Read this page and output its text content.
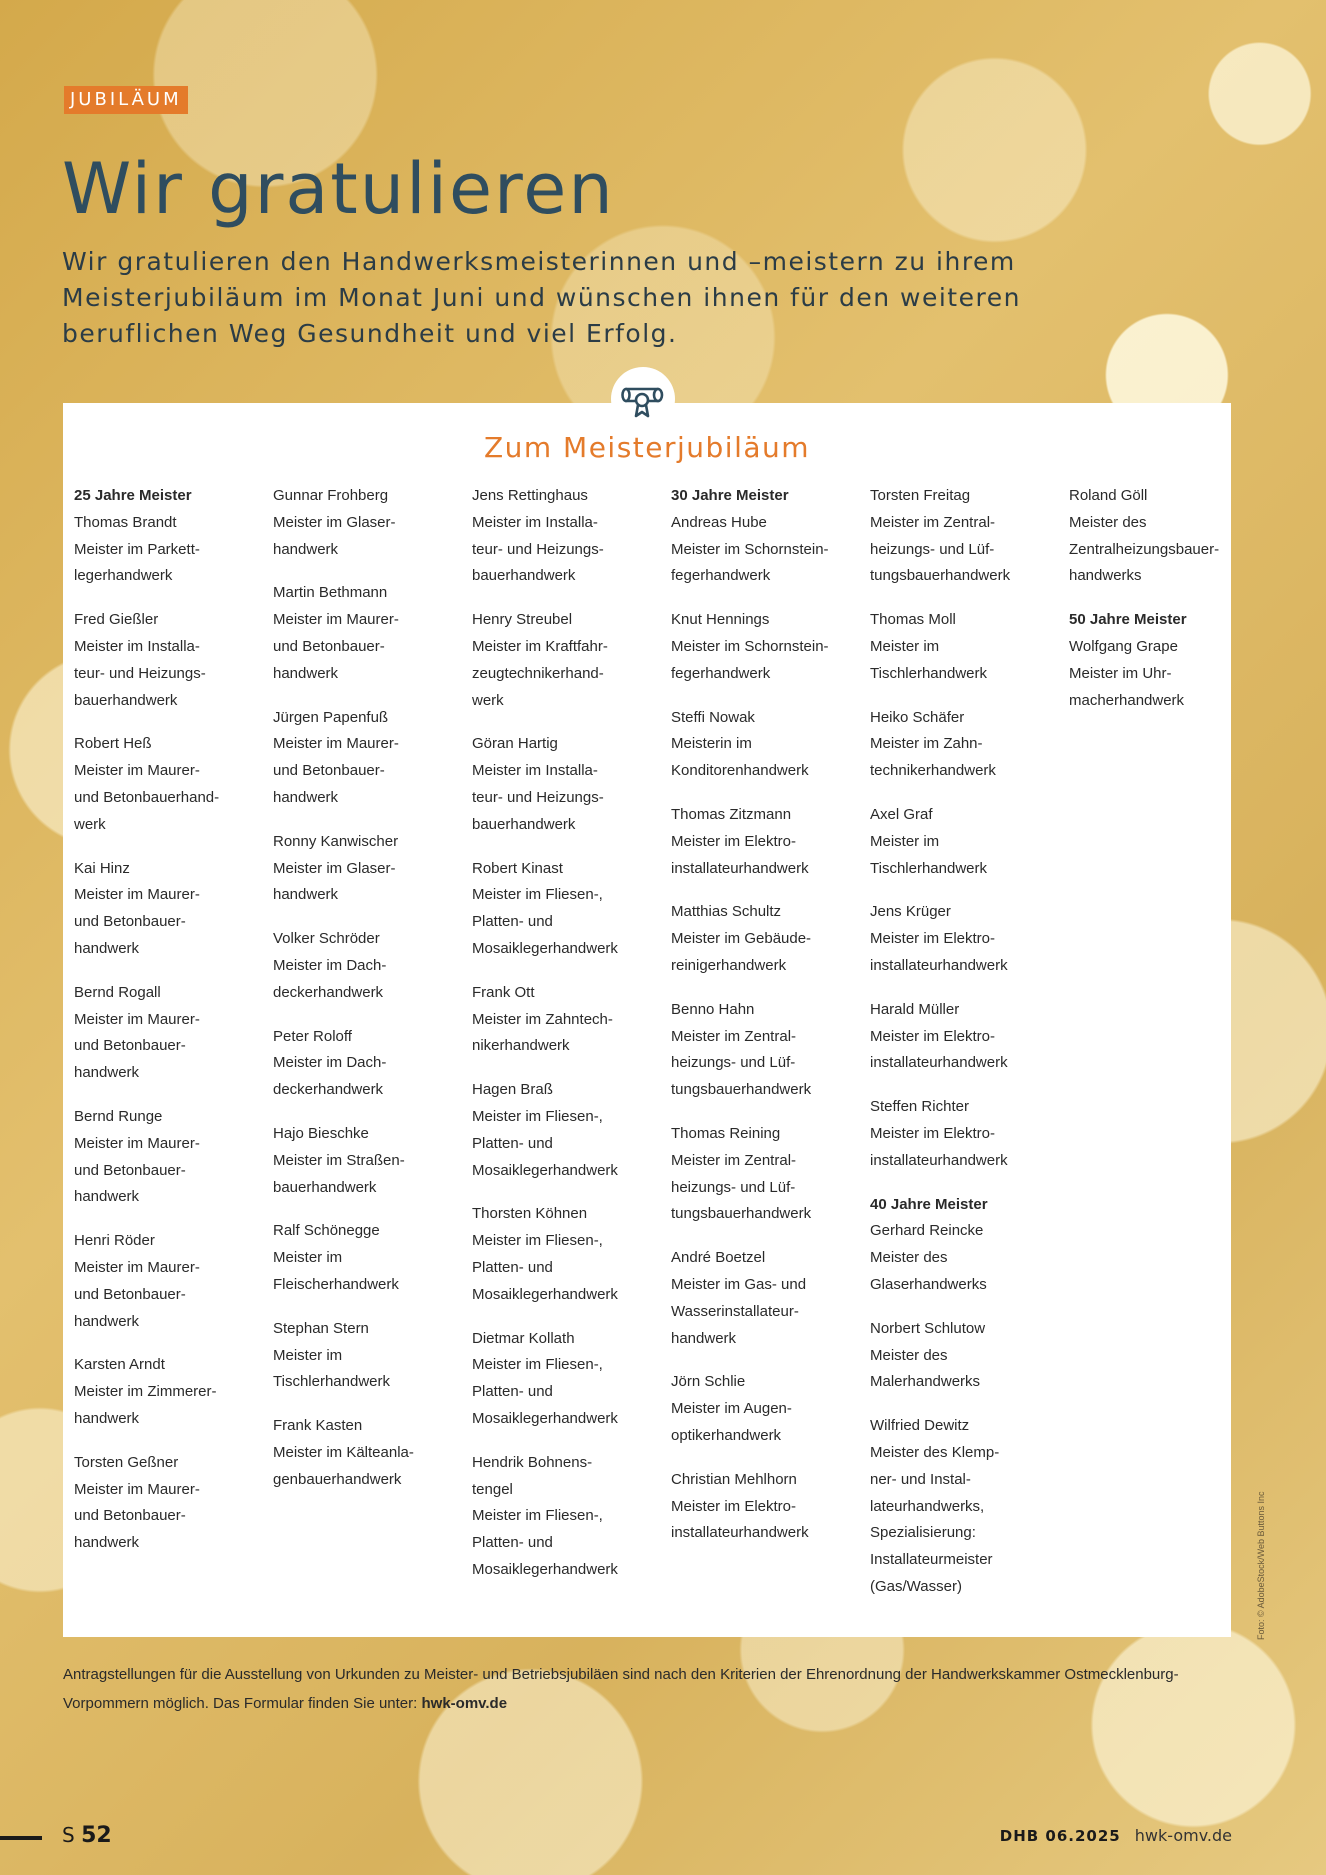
JUBILÄUM
Wir gratulieren

Wir gratulieren den Handwerksmeisterinnen und –meistern zu ihrem Meisterjubiläum im Monat Juni und wünschen ihnen für den weiteren beruflichen Weg Gesundheit und viel Erfolg.

Zum Meisterjubiläum
25 Jahre Meister
Thomas Brandt
Meister im Parkett-
legerhandwerk
Fred Gießler
Meister im Installa-
teur- und Heizungs-
bauerhandwerk
Robert Heß
Meister im Maurer-
und Betonbauerhand-
werk
Kai Hinz
Meister im Maurer-
und Betonbauer-
handwerk
Bernd Rogall
Meister im Maurer-
und Betonbauer-
handwerk
Bernd Runge
Meister im Maurer-
und Betonbauer-
handwerk
Henri Röder
Meister im Maurer-
und Betonbauer-
handwerk
Karsten Arndt
Meister im Zimmerer-
handwerk
Torsten Geßner
Meister im Maurer-
und Betonbauer-
handwerk
Gunnar Frohberg
Meister im Glaser-
handwerk
Martin Bethmann
Meister im Maurer-
und Betonbauer-
handwerk
Jürgen Papenfuß
Meister im Maurer-
und Betonbauer-
handwerk
Ronny Kanwischer
Meister im Glaser-
handwerk
Volker Schröder
Meister im Dach-
deckerhandwerk
Peter Roloff
Meister im Dach-
deckerhandwerk
Hajo Bieschke
Meister im Straßen-
bauerhandwerk
Ralf Schönegge
Meister im
Fleischerhandwerk
Stephan Stern
Meister im
Tischlerhandwerk
Frank Kasten
Meister im Kälteanla-
genbauerhandwerk
Jens Rettinghaus
Meister im Installa-
teur- und Heizungs-
bauerhandwerk
Henry Streubel
Meister im Kraftfahr-
zeugtechnikerhand-
werk
Göran Hartig
Meister im Installa-
teur- und Heizungs-
bauerhandwerk
Robert Kinast
Meister im Fliesen-,
Platten- und
Mosaiklegerhandwerk
Frank Ott
Meister im Zahntech-
nikerhandwerk
Hagen Braß
Meister im Fliesen-,
Platten- und
Mosaiklegerhandwerk
Thorsten Köhnen
Meister im Fliesen-,
Platten- und
Mosaiklegerhandwerk
Dietmar Kollath
Meister im Fliesen-,
Platten- und
Mosaiklegerhandwerk
Hendrik Bohnens-
tengel
Meister im Fliesen-,
Platten- und
Mosaiklegerhandwerk
30 Jahre Meister
Andreas Hube
Meister im Schornstein-
fegerhandwerk
Knut Hennings
Meister im Schornstein-
fegerhandwerk
Steffi Nowak
Meisterin im
Konditorenhandwerk
Thomas Zitzmann
Meister im Elektro-
installateurhandwerk
Matthias Schultz
Meister im Gebäude-
reinigerhandwerk
Benno Hahn
Meister im Zentral-
heizungs- und Lüf-
tungsbauerhandwerk
Thomas Reining
Meister im Zentral-
heizungs- und Lüf-
tungsbauerhandwerk
André Boetzel
Meister im Gas- und
Wasserinstallateur-
handwerk
Jörn Schlie
Meister im Augen-
optikerhandwerk
Christian Mehlhorn
Meister im Elektro-
installateurhandwerk
Torsten Freitag
Meister im Zentral-
heizungs- und Lüf-
tungsbauerhandwerk
Thomas Moll
Meister im
Tischlerhandwerk
Heiko Schäfer
Meister im Zahn-
technikerhandwerk
Axel Graf
Meister im
Tischlerhandwerk
Jens Krüger
Meister im Elektro-
installateurhandwerk
Harald Müller
Meister im Elektro-
installateurhandwerk
Steffen Richter
Meister im Elektro-
installateurhandwerk
40 Jahre Meister
Gerhard Reincke
Meister des
Glaserhandwerks
Norbert Schlutow
Meister des
Malerhandwerks
Wilfried Dewitz
Meister des Klemp-
ner- und Instal-
lateurhandwerks,
Spezialisierung:
Installateurmeister
(Gas/Wasser)
Roland Göll
Meister des
Zentralheizungsbauer-
handwerks
50 Jahre Meister
Wolfgang Grape
Meister im Uhr-
macherhandwerk

Antragstellungen für die Ausstellung von Urkunden zu Meister- und Betriebsjubiläen sind nach den Kriterien der Ehrenordnung der Handwerkskammer Ostmecklenburg-Vorpommern möglich. Das Formular finden Sie unter: hwk-omv.de

Foto: © AdobeStock/Web Buttons Inc
S 52	DHB 06.2025 hwk-omv.de
